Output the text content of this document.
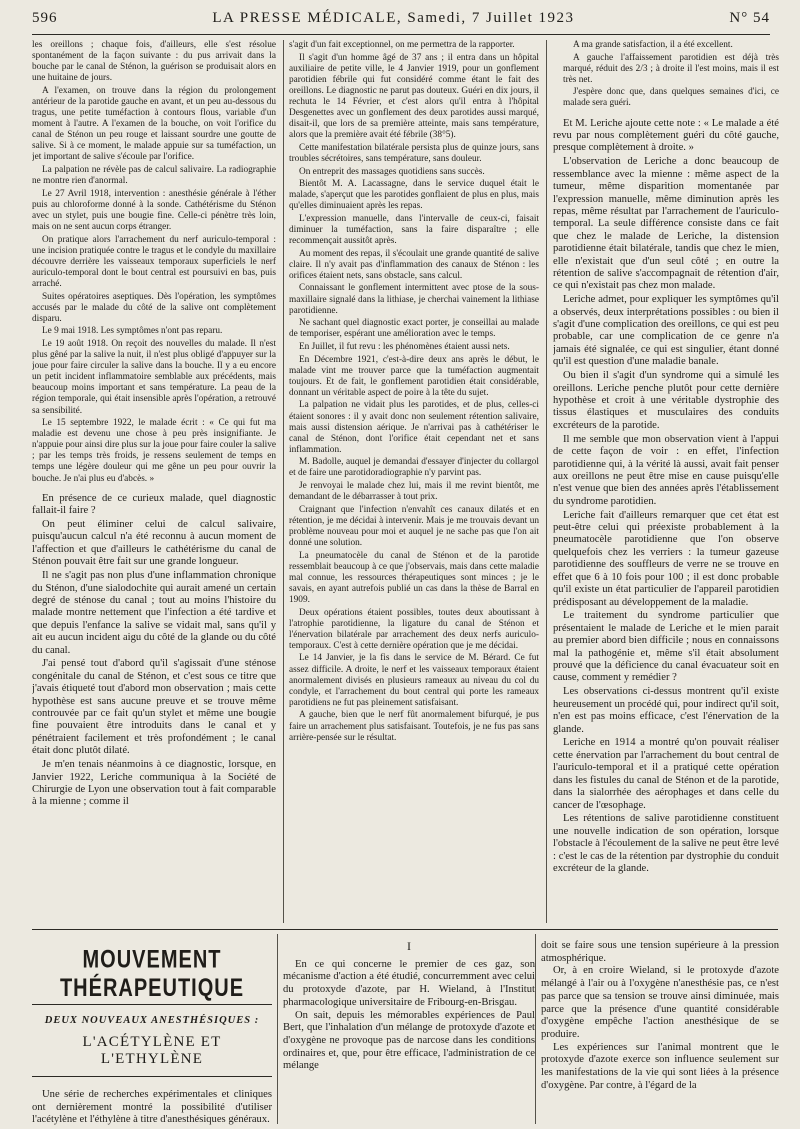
596	LA PRESSE MÉDICALE, Samedi, 7 Juillet 1923	N° 54

les oreillons ; chaque fois, d'ailleurs, elle s'est résolue spontanément de la façon suivante : du pus arrivait dans la bouche par le canal de Sténon, la guérison se produisait alors en une huitaine de jours.

A l'examen, on trouve dans la région du prolongement antérieur de la parotide gauche en avant, et un peu au-dessous du tragus, une petite tuméfaction à contours flous, variable d'un moment à l'autre. A l'examen de la bouche, on voit l'orifice du canal de Sténon un peu rouge et laissant sourdre une goutte de salive. Si à ce moment, le malade appuie sur sa tuméfaction, un jet important de salive s'écoule par l'orifice.

La palpation ne révèle pas de calcul salivaire. La radiographie ne montre rien d'anormal.

Le 27 Avril 1918, intervention : anesthésie générale à l'éther puis au chloroforme donné à la sonde. Cathétérisme du Sténon avec un stylet, puis une bougie fine. Celle-ci pénètre très loin, mais on ne sent aucun corps étranger.

On pratique alors l'arrachement du nerf auriculo-temporal : une incision pratiquée contre le tragus et le condyle du maxillaire découvre derrière les vaisseaux temporaux superficiels le nerf auriculo-temporal dont le bout central est poursuivi en bas, puis arraché.

Suites opératoires aseptiques. Dès l'opération, les symptômes accusés par le malade du côté de la salive ont complètement disparu.

Le 9 mai 1918. Les symptômes n'ont pas reparu.

Le 19 août 1918. On reçoit des nouvelles du malade. Il n'est plus gêné par la salive la nuit, il n'est plus obligé d'appuyer sur la joue pour faire circuler la salive dans la bouche. Il y a eu encore un petit incident inflammatoire semblable aux précédents, mais beaucoup moins important et sans température. La peau de la région temporale, qui était insensible après l'opération, a retrouvé sa sensibilité.

Le 15 septembre 1922, le malade écrit : « Ce qui fut ma maladie est devenu une chose à peu près insignifiante. Je n'appuie pour ainsi dire plus sur la joue pour faire couler la salive ; par les temps très froids, je ressens seulement de temps en temps une légère douleur qui me gêne un peu pour ouvrir la bouche. Je n'ai plus eu d'abcès. »

En présence de ce curieux malade, quel diagnostic fallait-il faire ?

On peut éliminer celui de calcul salivaire, puisqu'aucun calcul n'a été reconnu à aucun moment de l'affection et que d'ailleurs le cathétérisme du canal de Sténon pouvait être fait sur une grande longueur.

Il ne s'agit pas non plus d'une inflammation chronique du Sténon, d'une sialodochite qui aurait amené un certain degré de sténose du canal ; tout au moins l'histoire du malade montre nettement que l'infection a été tardive et que depuis l'enfance la salive se vidait mal, sans qu'il y ait eu aucun incident aigu du côté de la glande ou du côté du canal.

J'ai pensé tout d'abord qu'il s'agissait d'une sténose congénitale du canal de Sténon, et c'est sous ce titre que j'avais étiqueté tout d'abord mon observation ; mais cette hypothèse est sans aucune preuve et se trouve même controuvée par ce fait qu'un stylet et même une bougie fine pouvaient être introduits dans le canal et y pénétraient facilement et très profondément ; le canal était donc plutôt dilaté.

Je m'en tenais néanmoins à ce diagnostic, lorsque, en Janvier 1922, Leriche communiqua à la Société de Chirurgie de Lyon une observation tout à fait comparable à la mienne ; comme il

s'agit d'un fait exceptionnel, on me permettra de la rapporter.

Il s'agit d'un homme âgé de 37 ans ; il entra dans un hôpital auxiliaire de petite ville, le 4 Janvier 1919, pour un gonflement parotidien fébrile qui fut considéré comme étant le fait des oreillons. Le diagnostic ne parut pas douteux. Guéri en dix jours, il rechuta le 14 Février, et c'est alors qu'il entra à l'hôpital Desgenettes avec un gonflement des deux parotides aussi marqué, disait-il, que lors de sa première atteinte, mais sans température, alors que la première avait été fébrile (38°5).

Cette manifestation bilatérale persista plus de quinze jours, sans troubles sécrétoires, sans température, sans douleur.

On entreprit des massages quotidiens sans succès.

Bientôt M. A. Lacassagne, dans le service duquel était le malade, s'aperçut que les parotides gonflaient de plus en plus, mais qu'elles diminuaient après les repas.

L'expression manuelle, dans l'intervalle de ceux-ci, faisait diminuer la tuméfaction, sans la faire disparaître ; elle recommençait aussitôt après.

Au moment des repas, il s'écoulait une grande quantité de salive claire. Il n'y avait pas d'inflammation des canaux de Sténon : les orifices étaient nets, sans obstacle, sans calcul.

Connaissant le gonflement intermittent avec ptose de la sous-maxillaire signalé dans la lithiase, je cherchai vainement la lithiase parotidienne.

Ne sachant quel diagnostic exact porter, je conseillai au malade de temporiser, espérant une amélioration avec le temps.

En Juillet, il fut revu : les phénomènes étaient aussi nets.

En Décembre 1921, c'est-à-dire deux ans après le début, le malade vint me trouver parce que la tuméfaction augmentait toujours. Et de fait, le gonflement parotidien était considérable, donnant un véritable aspect de poire à la tête du sujet.

La palpation ne vidait plus les parotides, et de plus, celles-ci étaient sonores : il y avait donc non seulement rétention salivaire, mais aussi distension aérique. Je n'arrivai pas à cathétériser le canal de Sténon, dont l'orifice était cependant net et sans inflammation.

M. Badolle, auquel je demandai d'essayer d'injecter du collargol et de faire une parotidoradiographie n'y parvint pas.

Je renvoyai le malade chez lui, mais il me revint bientôt, me demandant de le débarrasser à tout prix.

Craignant que l'infection n'envahît ces canaux dilatés et en rétention, je me décidai à intervenir. Mais je me trouvais devant un problème nouveau pour moi et auquel je ne sache pas que l'on ait donné une solution.

La pneumatocèle du canal de Sténon et de la parotide ressemblait beaucoup à ce que j'observais, mais dans cette maladie mal connue, les ressources thérapeutiques sont minces ; je le savais, en ayant autrefois publié un cas dans la thèse de Barral en 1909.

Deux opérations étaient possibles, toutes deux aboutissant à l'atrophie parotidienne, la ligature du canal de Sténon et l'énervation bilatérale par arrachement des deux nerfs auriculo-temporaux. C'est à cette dernière opération que je me décidai.

Le 14 Janvier, je la fis dans le service de M. Bérard. Ce fut assez difficile. A droite, le nerf et les vaisseaux temporaux étaient anormalement divisés en plusieurs rameaux au niveau du col du condyle, et l'arrachement du bout central qui porte les rameaux parotidiens ne fut pas pleinement satisfaisant.

A gauche, bien que le nerf fût anormalement bifurqué, je pus faire un arrachement plus satisfaisant. Toutefois, je ne fus pas sans arrière-pensée sur le résultat.

A ma grande satisfaction, il a été excellent.

A gauche l'affaissement parotidien est déjà très marqué, réduit des 2/3 ; à droite il l'est moins, mais il est très net.

J'espère donc que, dans quelques semaines d'ici, ce malade sera guéri.

Et M. Leriche ajoute cette note : « Le malade a été revu par nous complètement guéri du côté gauche, presque complètement à droite. »

L'observation de Leriche a donc beaucoup de ressemblance avec la mienne : même aspect de la tumeur, même disparition momentanée par l'expression manuelle, même diminution après les repas, même résultat par l'arrachement de l'auriculo-temporal. La seule différence consiste dans ce fait que chez le malade de Leriche, la distension parotidienne était bilatérale, tandis que chez le mien, elle n'existait que d'un seul côté ; en outre la rétention de salive s'accompagnait de rétention d'air, ce qui n'existait pas chez mon malade.

Leriche admet, pour expliquer les symptômes qu'il a observés, deux interprétations possibles : ou bien il s'agit d'une complication des oreillons, ce qui est peu probable, car une complication de ce genre n'a jamais été signalée, ce qui est singulier, étant donné qu'il est question d'une maladie banale.

Ou bien il s'agit d'un syndrome qui a simulé les oreillons. Leriche penche plutôt pour cette dernière hypothèse et croit à une véritable dystrophie des tissus élastiques et musculaires des conduits excréteurs de la parotide.

Il me semble que mon observation vient à l'appui de cette façon de voir : en effet, l'infection parotidienne qui, à la vérité là aussi, avait fait penser aux oreillons ne peut être mise en cause puisqu'elle n'est venue que bien des années après l'établissement du syndrome parotidien.

Leriche fait d'ailleurs remarquer que cet état est peut-être celui qui préexiste probablement à la pneumatocèle parotidienne que l'on observe quelquefois chez les verriers : la tumeur gazeuse parotidienne des souffleurs de verre ne se trouve en effet que 6 à 10 fois pour 100 ; il est donc probable qu'il existe un état particulier de l'appareil parotidien prédisposant au développement de la maladie.

Le traitement du syndrome particulier que présentaient le malade de Leriche et le mien parait au premier abord bien difficile ; nous en connaissons mal la pathogénie et, même s'il était absolument prouvé que la déficience du canal évacuateur soit en cause, comment y remédier ?

Les observations ci-dessus montrent qu'il existe heureusement un procédé qui, pour indirect qu'il soit, n'en est pas moins efficace, c'est l'énervation de la glande.

Leriche en 1914 a montré qu'on pouvait réaliser cette énervation par l'arrachement du bout central de l'auriculo-temporal et il a pratiqué cette opération dans les fistules du canal de Sténon et de la parotide, dans la sialorrhée des aérophages et dans celle du cancer de l'œsophage.

Les rétentions de salive parotidienne constituent une nouvelle indication de son opération, lorsque l'obstacle à l'écoulement de la salive ne peut être levé : c'est le cas de la rétention par dystrophie du conduit excréteur de la glande.

MOUVEMENT THÉRAPEUTIQUE
DEUX NOUVEAUX ANESTHÉSIQUES :
L'ACÉTYLÈNE ET L'ETHYLÈNE
Une série de recherches expérimentales et cliniques ont dernièrement montré la possibilité d'utiliser l'acétylène et l'éthylène à titre d'anesthésiques généraux.
I

En ce qui concerne le premier de ces gaz, son mécanisme d'action a été étudié, concurremment avec celui du protoxyde d'azote, par H. Wieland, à l'Institut pharmacologique universitaire de Fribourg-en-Brisgau.

On sait, depuis les mémorables expériences de Paul Bert, que l'inhalation d'un mélange de protoxyde d'azote et d'oxygène ne provoque pas de narcose dans les conditions ordinaires et, que, pour être efficace, l'administration de ce mélange

doit se faire sous une tension supérieure à la pression atmosphérique.

Or, à en croire Wieland, si le protoxyde d'azote mélangé à l'air ou à l'oxygène n'anesthésie pas, ce n'est pas parce que sa tension se trouve ainsi diminuée, mais parce que la présence d'une quantité considérable d'oxygène empêche l'action anesthésique de se produire.

Les expériences sur l'animal montrent que le protoxyde d'azote exerce son influence seulement sur les manifestations de la vie qui sont liées à la présence d'oxygène. Par contre, à l'égard de la
